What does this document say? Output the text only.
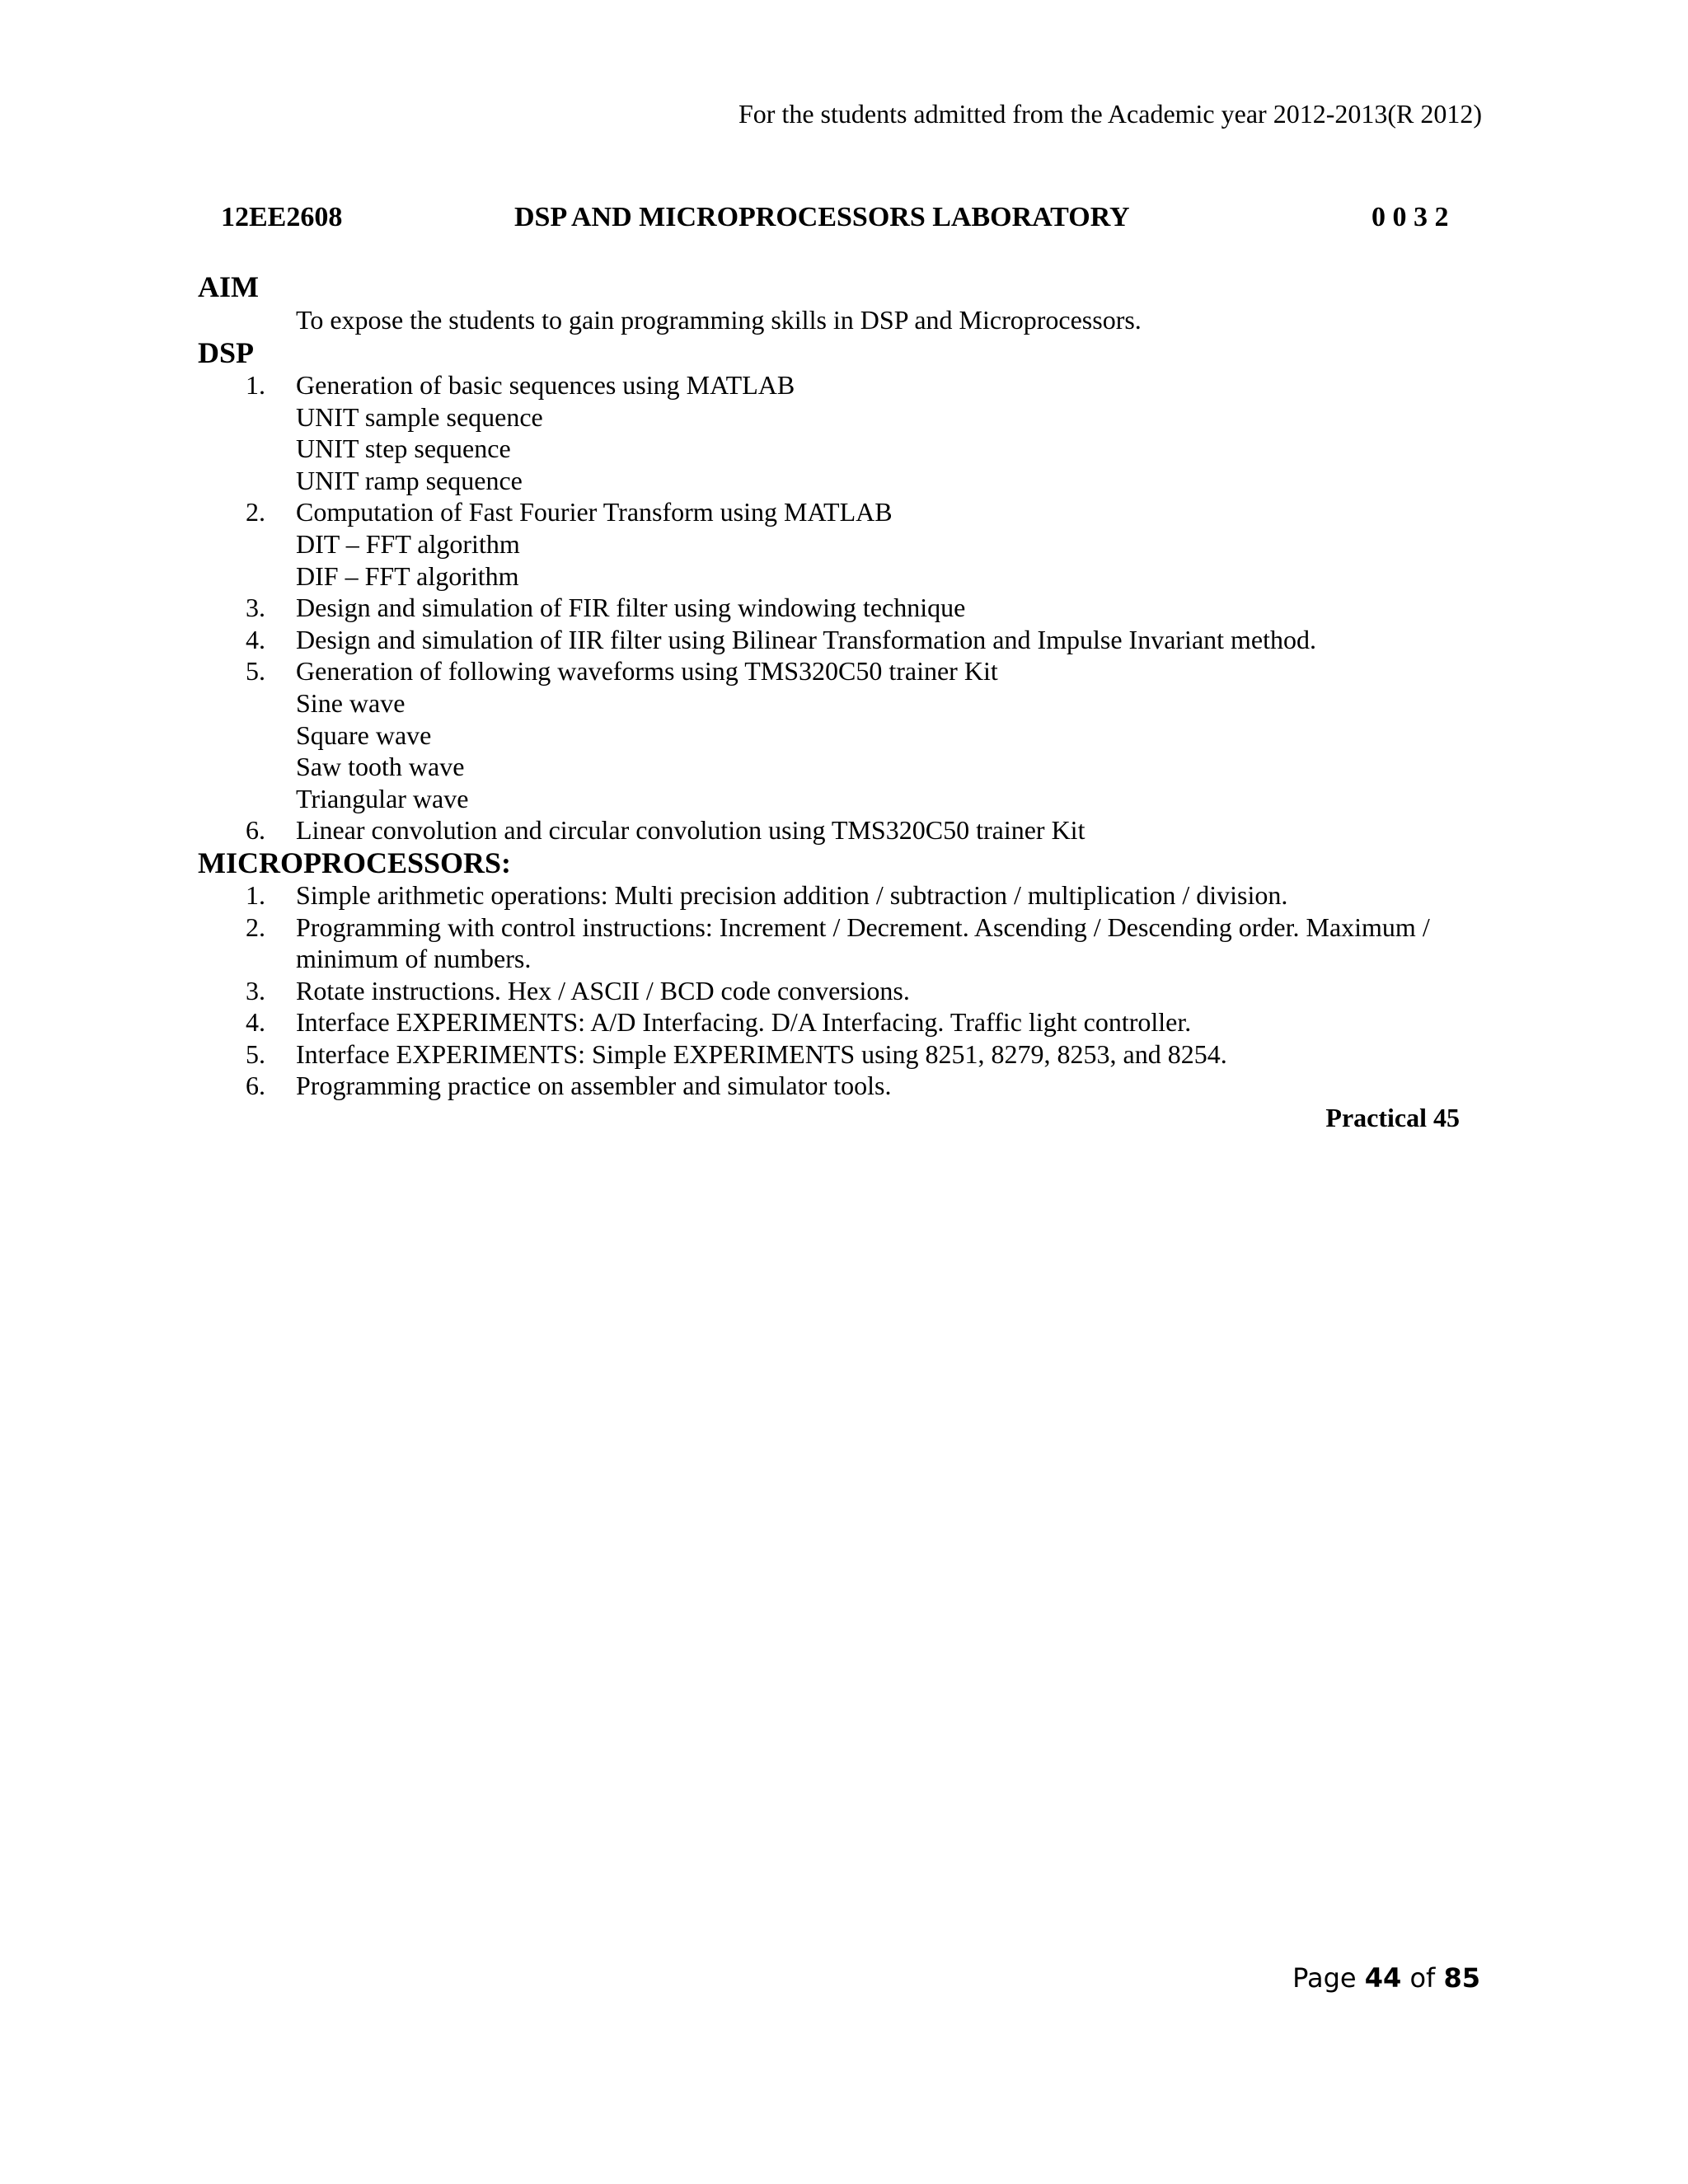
For the students admitted from the Academic year 2012-2013(R 2012)
12EE2608	DSP AND MICROPROCESSORS LABORATORY	0 0 3 2
AIM
To expose the students to gain programming skills in DSP and Microprocessors.
DSP
1. Generation of basic sequences using MATLAB
UNIT sample sequence
UNIT step sequence
UNIT ramp sequence
2. Computation of Fast Fourier Transform using MATLAB
DIT – FFT algorithm
DIF – FFT algorithm
3. Design and simulation of FIR filter using windowing technique
4. Design and simulation of IIR filter using Bilinear Transformation and Impulse Invariant method.
5. Generation of following waveforms using TMS320C50 trainer Kit
Sine wave
Square wave
Saw tooth wave
Triangular wave
6. Linear convolution and circular convolution using TMS320C50 trainer Kit
MICROPROCESSORS:
1. Simple arithmetic operations: Multi precision addition / subtraction / multiplication / division.
2. Programming with control instructions: Increment / Decrement. Ascending / Descending order. Maximum /
minimum of numbers.
3. Rotate instructions. Hex / ASCII / BCD code conversions.
4. Interface EXPERIMENTS: A/D Interfacing. D/A Interfacing. Traffic light controller.
5. Interface EXPERIMENTS: Simple EXPERIMENTS using 8251, 8279, 8253, and 8254.
6. Programming practice on assembler and simulator tools.
Practical 45
Page 44 of 85
